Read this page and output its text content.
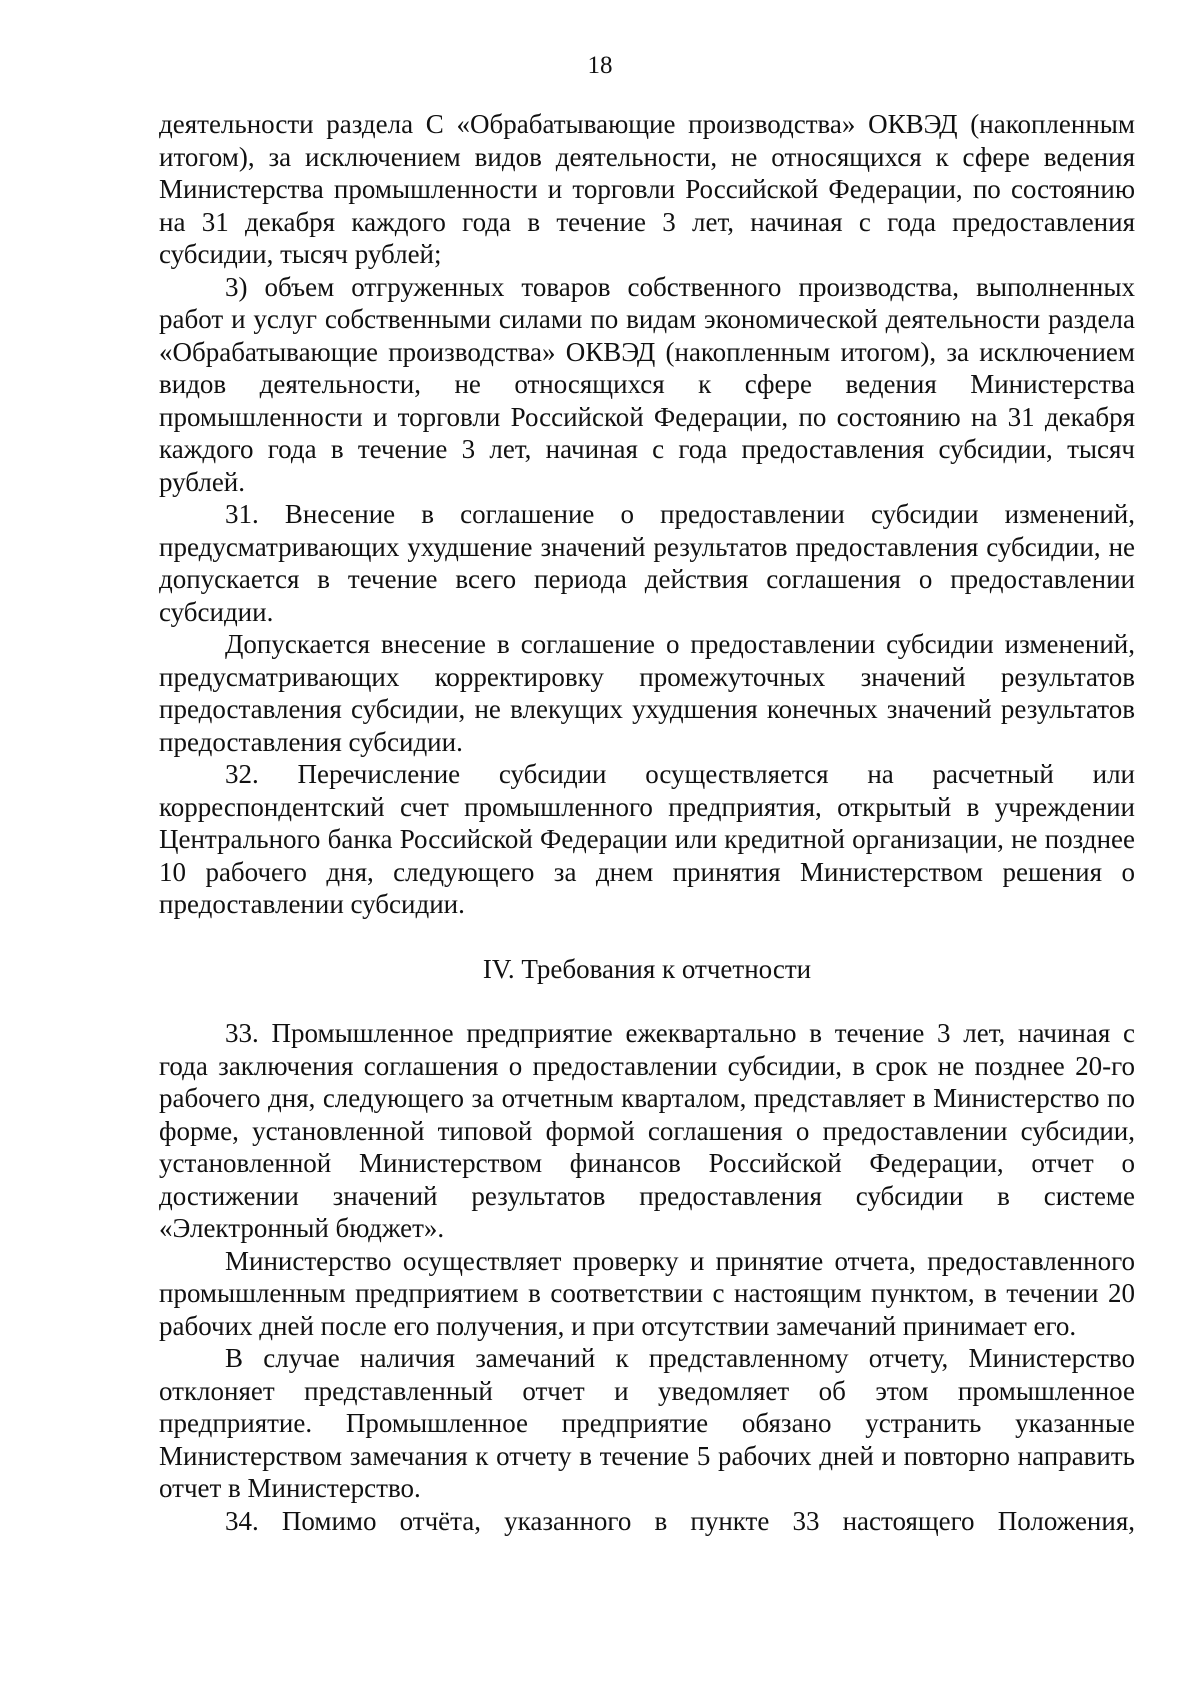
18

деятельности раздела С «Обрабатывающие производства» ОКВЭД (накопленным итогом), за исключением видов деятельности, не относящихся к сфере ведения Министерства промышленности и торговли Российской Федерации, по состоянию на 31 декабря каждого года в течение 3 лет, начиная с года предоставления субсидии, тысяч рублей;

3) объем отгруженных товаров собственного производства, выполненных работ и услуг собственными силами по видам экономической деятельности раздела «Обрабатывающие производства» ОКВЭД (накопленным итогом), за исключением видов деятельности, не относящихся к сфере ведения Министерства промышленности и торговли Российской Федерации, по состоянию на 31 декабря каждого года в течение 3 лет, начиная с года предоставления субсидии, тысяч рублей.

31. Внесение в соглашение о предоставлении субсидии изменений, предусматривающих ухудшение значений результатов предоставления субсидии, не допускается в течение всего периода действия соглашения о предоставлении субсидии.

Допускается внесение в соглашение о предоставлении субсидии изменений, предусматривающих корректировку промежуточных значений результатов предоставления субсидии, не влекущих ухудшения конечных значений результатов предоставления субсидии.

32. Перечисление субсидии осуществляется на расчетный или корреспондентский счет промышленного предприятия, открытый в учреждении Центрального банка Российской Федерации или кредитной организации, не позднее 10 рабочего дня, следующего за днем принятия Министерством решения о предоставлении субсидии.

IV. Требования к отчетности

33. Промышленное предприятие ежеквартально в течение 3 лет, начиная с года заключения соглашения о предоставлении субсидии, в срок не позднее 20-го рабочего дня, следующего за отчетным кварталом, представляет в Министерство по форме, установленной типовой формой соглашения о предоставлении субсидии, установленной Министерством финансов Российской Федерации, отчет о достижении значений результатов предоставления субсидии в системе «Электронный бюджет».

Министерство осуществляет проверку и принятие отчета, предоставленного промышленным предприятием в соответствии с настоящим пунктом, в течении 20 рабочих дней после его получения, и при отсутствии замечаний принимает его.

В случае наличия замечаний к представленному отчету, Министерство отклоняет представленный отчет и уведомляет об этом промышленное предприятие. Промышленное предприятие обязано устранить указанные Министерством замечания к отчету в течение 5 рабочих дней и повторно направить отчет в Министерство.

34. Помимо отчёта, указанного в пункте 33 настоящего Положения,
